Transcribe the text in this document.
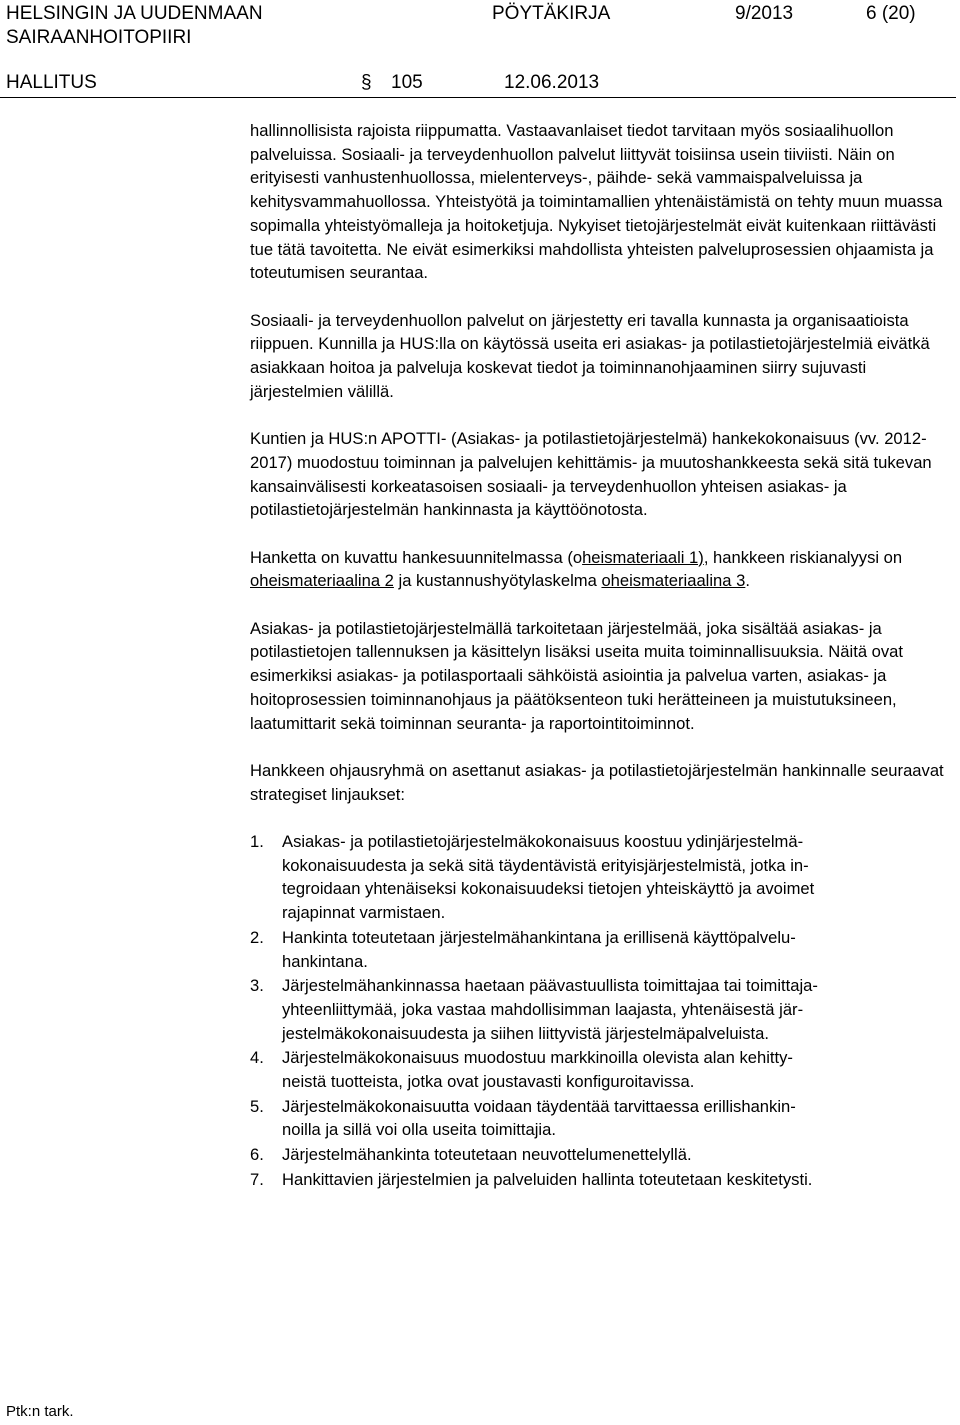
HELSINGIN JA UUDENMAAN
SAIRAANHOITOPIIRI
PÖYTÄKIRJA	9/2013	6 (20)
HALLITUS	§ 105	12.06.2013

hallinnollisista rajoista riippumatta. Vastaavanlaiset tiedot tarvitaan myös sosiaalihuollon palveluissa. Sosiaali- ja terveydenhuollon palvelut liittyvät toisiinsa usein tiiviisti. Näin on erityisesti vanhustenhuollossa, mielenterveys-, päihde- sekä vammaispalveluissa ja kehitysvammahuollossa. Yhteistyötä ja toimintamallien yhtenäistämistä on tehty muun muassa sopimalla yhteistyömalleja ja hoitoketjuja. Nykyiset tietojärjestelmät eivät kuitenkaan riittävästi tue tätä tavoitetta. Ne eivät esimerkiksi mahdollista yhteisten palveluprosessien ohjaamista ja toteutumisen seurantaa.

Sosiaali- ja terveydenhuollon palvelut on järjestetty eri tavalla kunnasta ja organisaatioista riippuen. Kunnilla ja HUS:lla on käytössä useita eri asiakas- ja potilastietojärjestelmiä eivätkä asiakkaan hoitoa ja palveluja koskevat tiedot ja toiminnanohjaaminen siirry sujuvasti järjestelmien välillä.

Kuntien ja HUS:n APOTTI- (Asiakas- ja potilastietojärjestelmä) hankekokonaisuus (vv. 2012-2017) muodostuu toiminnan ja palvelujen kehittämis- ja muutoshankkeesta sekä sitä tukevan kansainvälisesti korkeatasoisen sosiaali- ja terveydenhuollon yhteisen asiakas- ja potilastietojärjestelmän hankinnasta ja käyttöönotosta.

Hanketta on kuvattu hankesuunnitelmassa (oheismateriaali 1), hankkeen riskianalyysi on oheismateriaalina 2 ja kustannushyötylaskelma oheismateriaalina 3.

Asiakas- ja potilastietojärjestelmällä tarkoitetaan järjestelmää, joka sisältää asiakas- ja potilastietojen tallennuksen ja käsittelyn lisäksi useita muita toiminnallisuuksia. Näitä ovat esimerkiksi asiakas- ja potilasportaali sähköistä asiointia ja palvelua varten, asiakas- ja hoitoprosessien toiminnanohjaus ja päätöksenteon tuki herätteineen ja muistutuksineen, laatumittarit sekä toiminnan seuranta- ja raportointitoiminnot.

Hankkeen ohjausryhmä on asettanut asiakas- ja potilastietojärjestelmän hankinnalle seuraavat strategiset linjaukset:

1. Asiakas- ja potilastietojärjestelmäkokonaisuus koostuu ydinjärjestelmä-
kokonaisuudesta ja sekä sitä täydentävistä erityisjärjestelmistä, jotka in-
tegroidaan yhtenäiseksi kokonaisuudeksi tietojen yhteiskäyttö ja avoimet
rajapinnat varmistaen.
2. Hankinta toteutetaan järjestelmähankintana ja erillisenä käyttöpalvelu-
hankintana.
3. Järjestelmähankinnassa haetaan päävastuullista toimittajaa tai toimittaja-
yhteenliittymää, joka vastaa mahdollisimman laajasta, yhtenäisestä jär-
jestelmäkokonaisuudesta ja siihen liittyvistä järjestelmäpalveluista.
4. Järjestelmäkokonaisuus muodostuu markkinoilla olevista alan kehitty-
neistä tuotteista, jotka ovat joustavasti konfiguroitavissa.
5. Järjestelmäkokonaisuutta voidaan täydentää tarvittaessa erillishankin-
noilla ja sillä voi olla useita toimittajia.
6. Järjestelmähankinta toteutetaan neuvottelumenettelyllä.
7. Hankittavien järjestelmien ja palveluiden hallinta toteutetaan keskitetysti.
Ptk:n tark.
